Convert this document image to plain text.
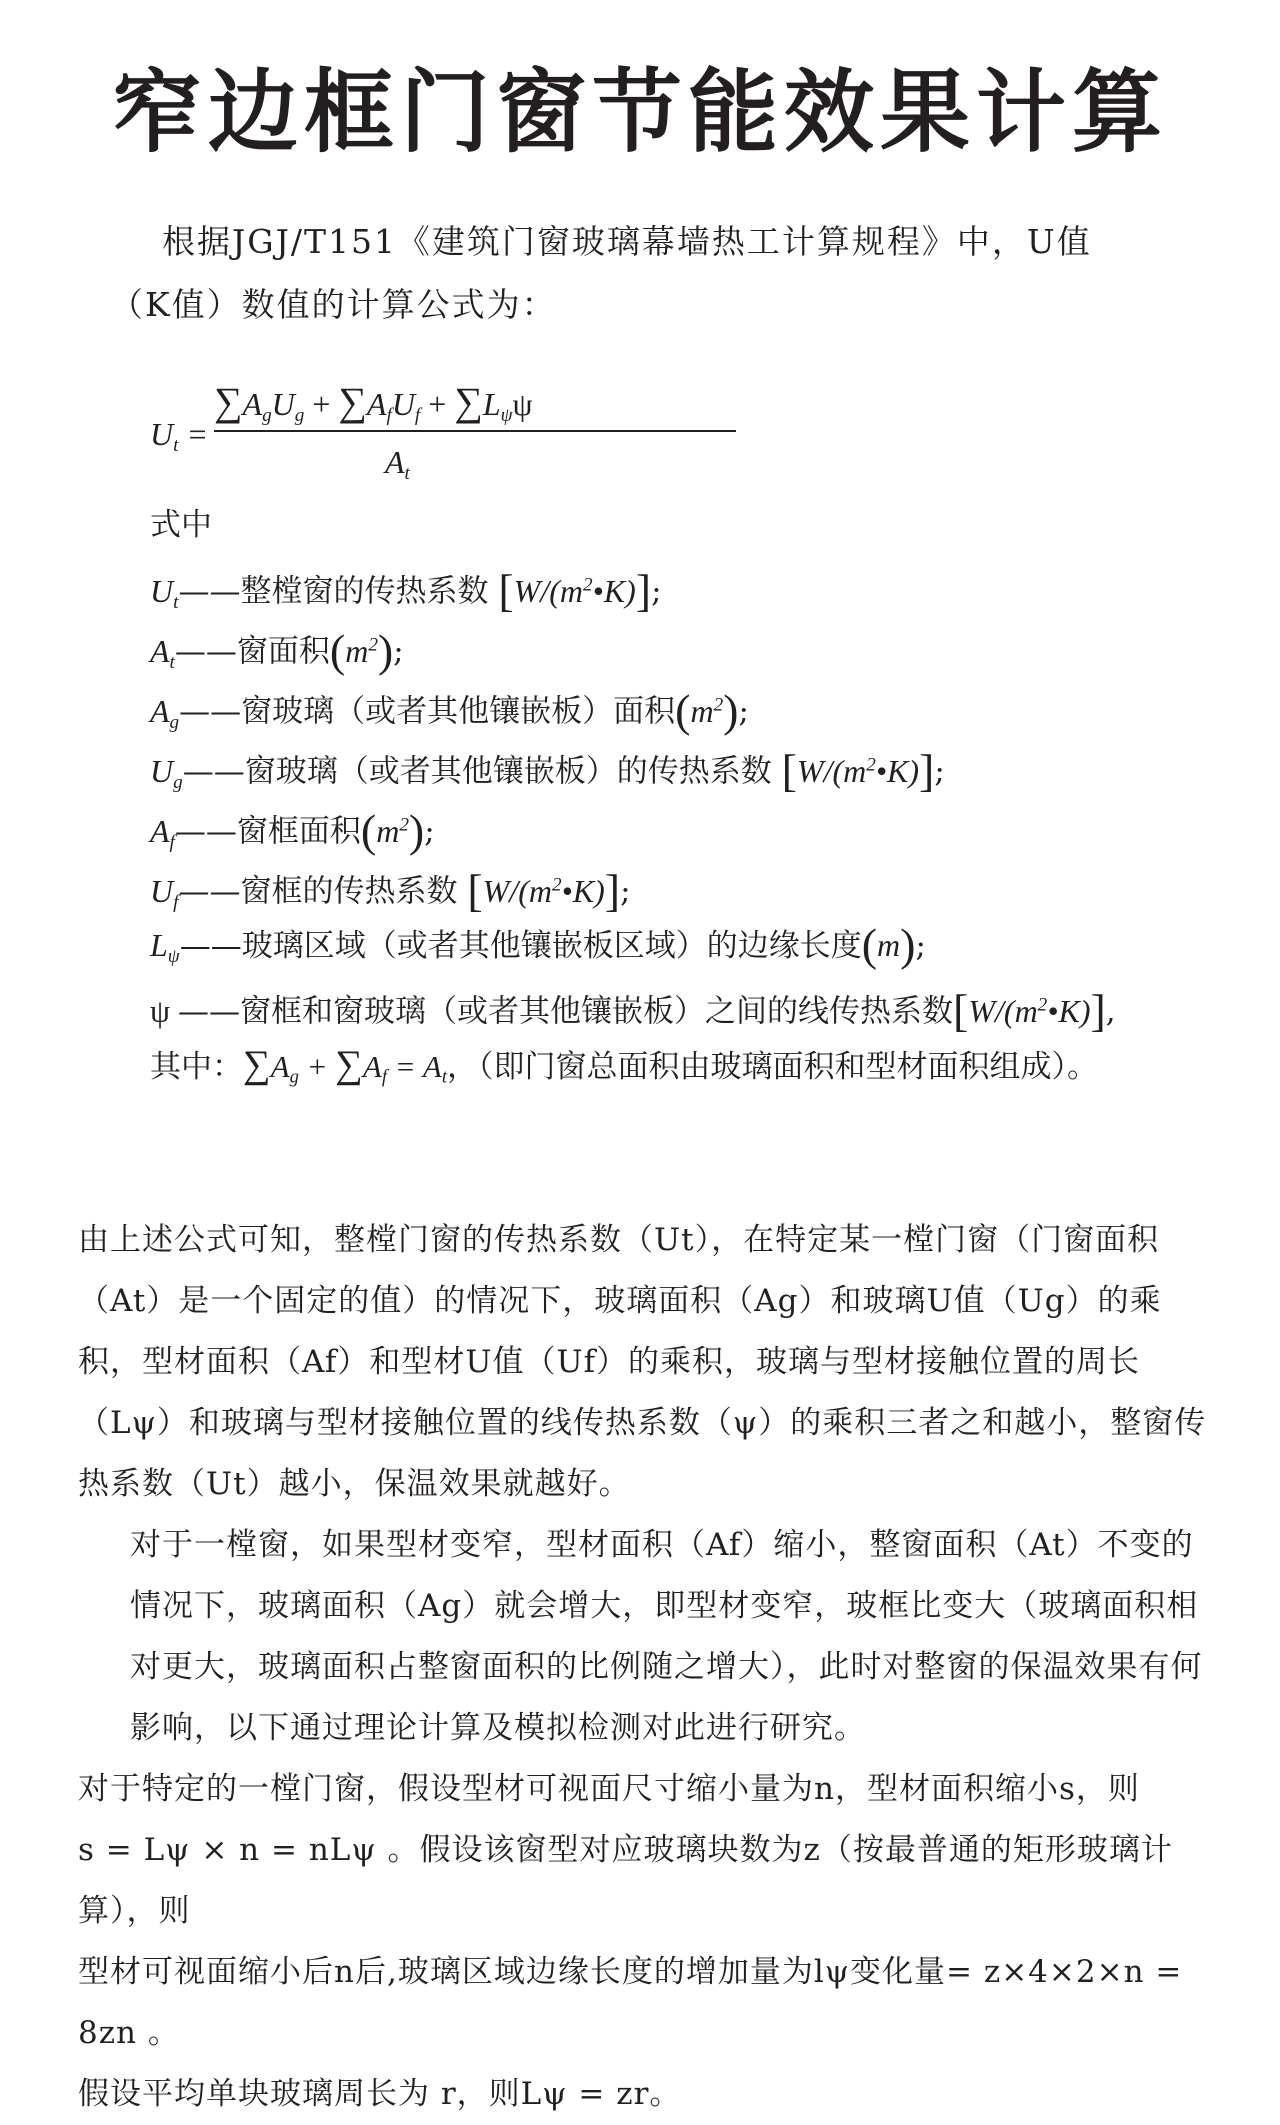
窄边框门窗节能效果计算
根据JGJ/T151《建筑门窗玻璃幕墙热工计算规程》中，U值
（K值）数值的计算公式为：
$U_t$ =
$\sum A_gU_g + \sum A_fU_f + \sum L_\psi\psi$
$A_t$
式中
$U_t——$整樘窗的传热系数 $[W/(m^2•K)]$;
$A_t——$窗面积$(m^2)$;
$A_g——$窗玻璃（或者其他镶嵌板）面积$(m^2)$;
$U_g——$窗玻璃（或者其他镶嵌板）的传热系数 $[W/(m^2•K)]$;
$A_f——$窗框面积$(m^2)$;
$U_f——$窗框的传热系数 $[W/(m^2•K)]$;
$L_\psi——$玻璃区域（或者其他镶嵌板区域）的边缘长度(m);
ψ ——窗框和窗玻璃（或者其他镶嵌板）之间的线传热系数$[W/(m^2•K)]$,
其中：$\sum A_g + \sum A_f = A_t$，（即门窗总面积由玻璃面积和型材面积组成）。

由上述公式可知，整樘门窗的传热系数（Ut），在特定某一樘门窗（门窗面积（At）是一个固定的值）的情况下，玻璃面积（Ag）和玻璃U值（Ug）的乘积，型材面积（Af）和型材U值（Uf）的乘积，玻璃与型材接触位置的周长（Lψ）和玻璃与型材接触位置的线传热系数（ψ）的乘积三者之和越小，整窗传热系数（Ut）越小，保温效果就越好。

对于一樘窗，如果型材变窄，型材面积（Af）缩小，整窗面积（At）不变的情况下，玻璃面积（Ag）就会增大，即型材变窄，玻框比变大（玻璃面积相对更大，玻璃面积占整窗面积的比例随之增大），此时对整窗的保温效果有何影响，以下通过理论计算及模拟检测对此进行研究。

对于特定的一樘门窗，假设型材可视面尺寸缩小量为n，型材面积缩小s，则

s = Lψ × n = nLψ 。假设该窗型对应玻璃块数为z（按最普通的矩形玻璃计算），则

型材可视面缩小后n后,玻璃区域边缘长度的增加量为lψ变化量= z×4×2×n = 8zn 。

假设平均单块玻璃周长为 r，则Lψ = zr。
